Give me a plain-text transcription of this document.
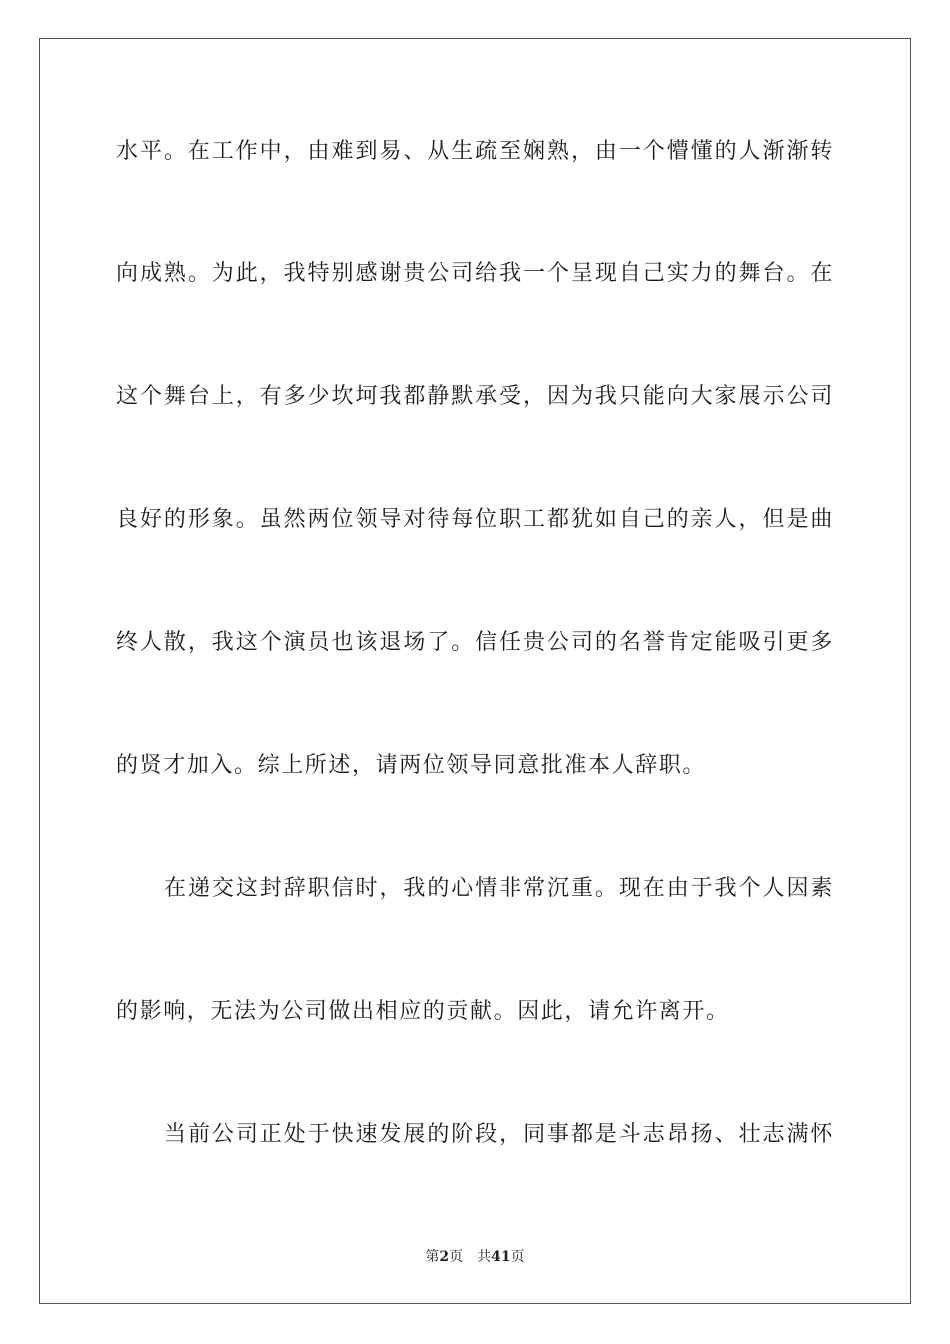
水平。在工作中，由难到易、从生疏至娴熟，由一个懵懂的人渐渐转
向成熟。为此，我特别感谢贵公司给我一个呈现自己实力的舞台。在
这个舞台上，有多少坎坷我都静默承受，因为我只能向大家展示公司
良好的形象。虽然两位领导对待每位职工都犹如自己的亲人，但是曲
终人散，我这个演员也该退场了。信任贵公司的名誉肯定能吸引更多
的贤才加入。综上所述，请两位领导同意批准本人辞职。
在递交这封辞职信时，我的心情非常沉重。现在由于我个人因素
的影响，无法为公司做出相应的贡献。因此，请允许离开。
当前公司正处于快速发展的阶段，同事都是斗志昂扬、壮志满怀
第2页 共41页
